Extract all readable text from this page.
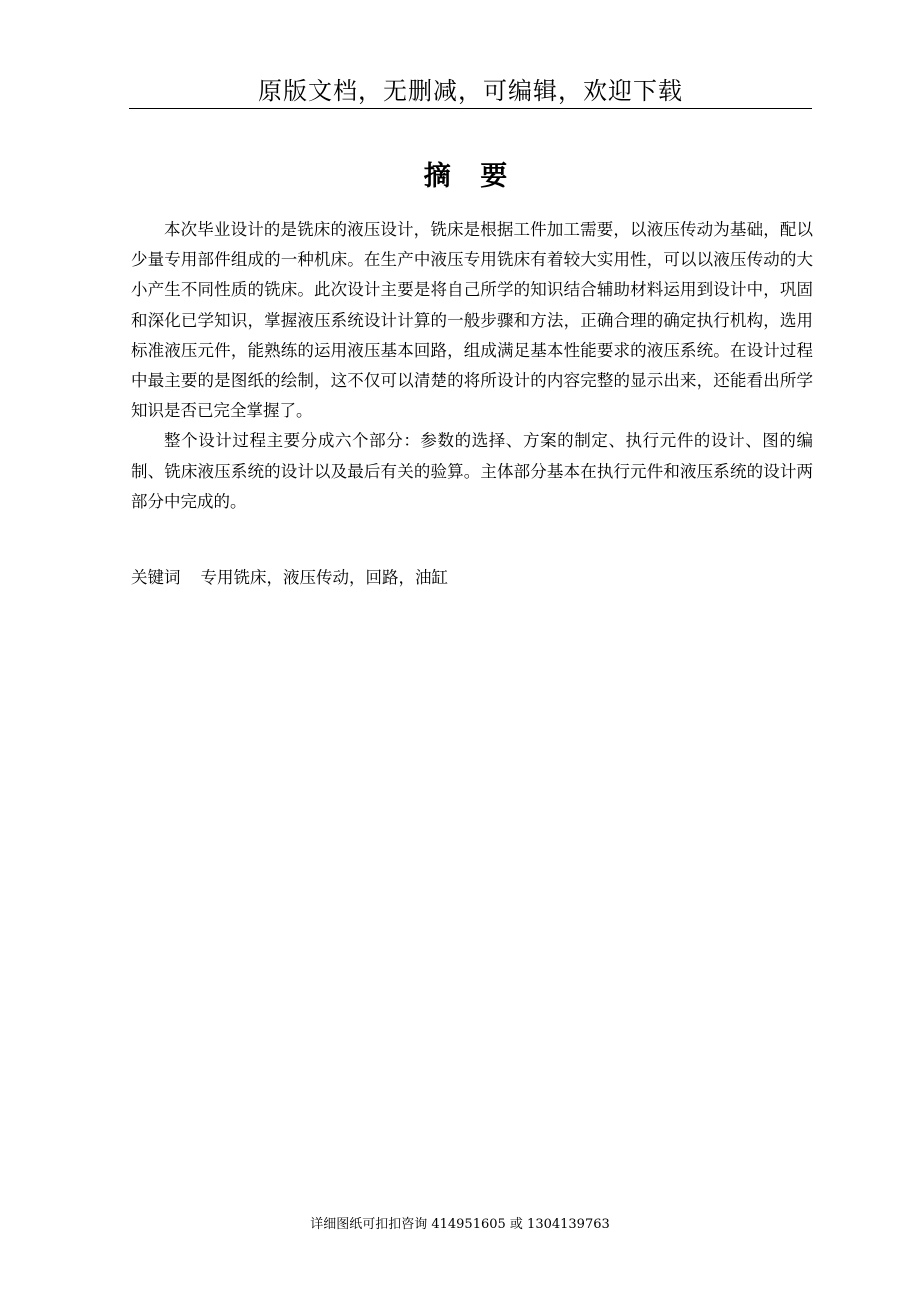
原版文档，无删减，可编辑，欢迎下载
摘 要

本次毕业设计的是铣床的液压设计，铣床是根据工件加工需要，以液压传动为基础，配以少量专用部件组成的一种机床。在生产中液压专用铣床有着较大实用性，可以以液压传动的大小产生不同性质的铣床。此次设计主要是将自己所学的知识结合辅助材料运用到设计中，巩固和深化已学知识，掌握液压系统设计计算的一般步骤和方法，正确合理的确定执行机构，选用标准液压元件，能熟练的运用液压基本回路，组成满足基本性能要求的液压系统。在设计过程中最主要的是图纸的绘制，这不仅可以清楚的将所设计的内容完整的显示出来，还能看出所学知识是否已完全掌握了。

整个设计过程主要分成六个部分：参数的选择、方案的制定、执行元件的设计、图的编制、铣床液压系统的设计以及最后有关的验算。主体部分基本在执行元件和液压系统的设计两部分中完成的。

关键词 专用铣床，液压传动，回路，油缸
详细图纸可扣扣咨询 414951605 或 1304139763
